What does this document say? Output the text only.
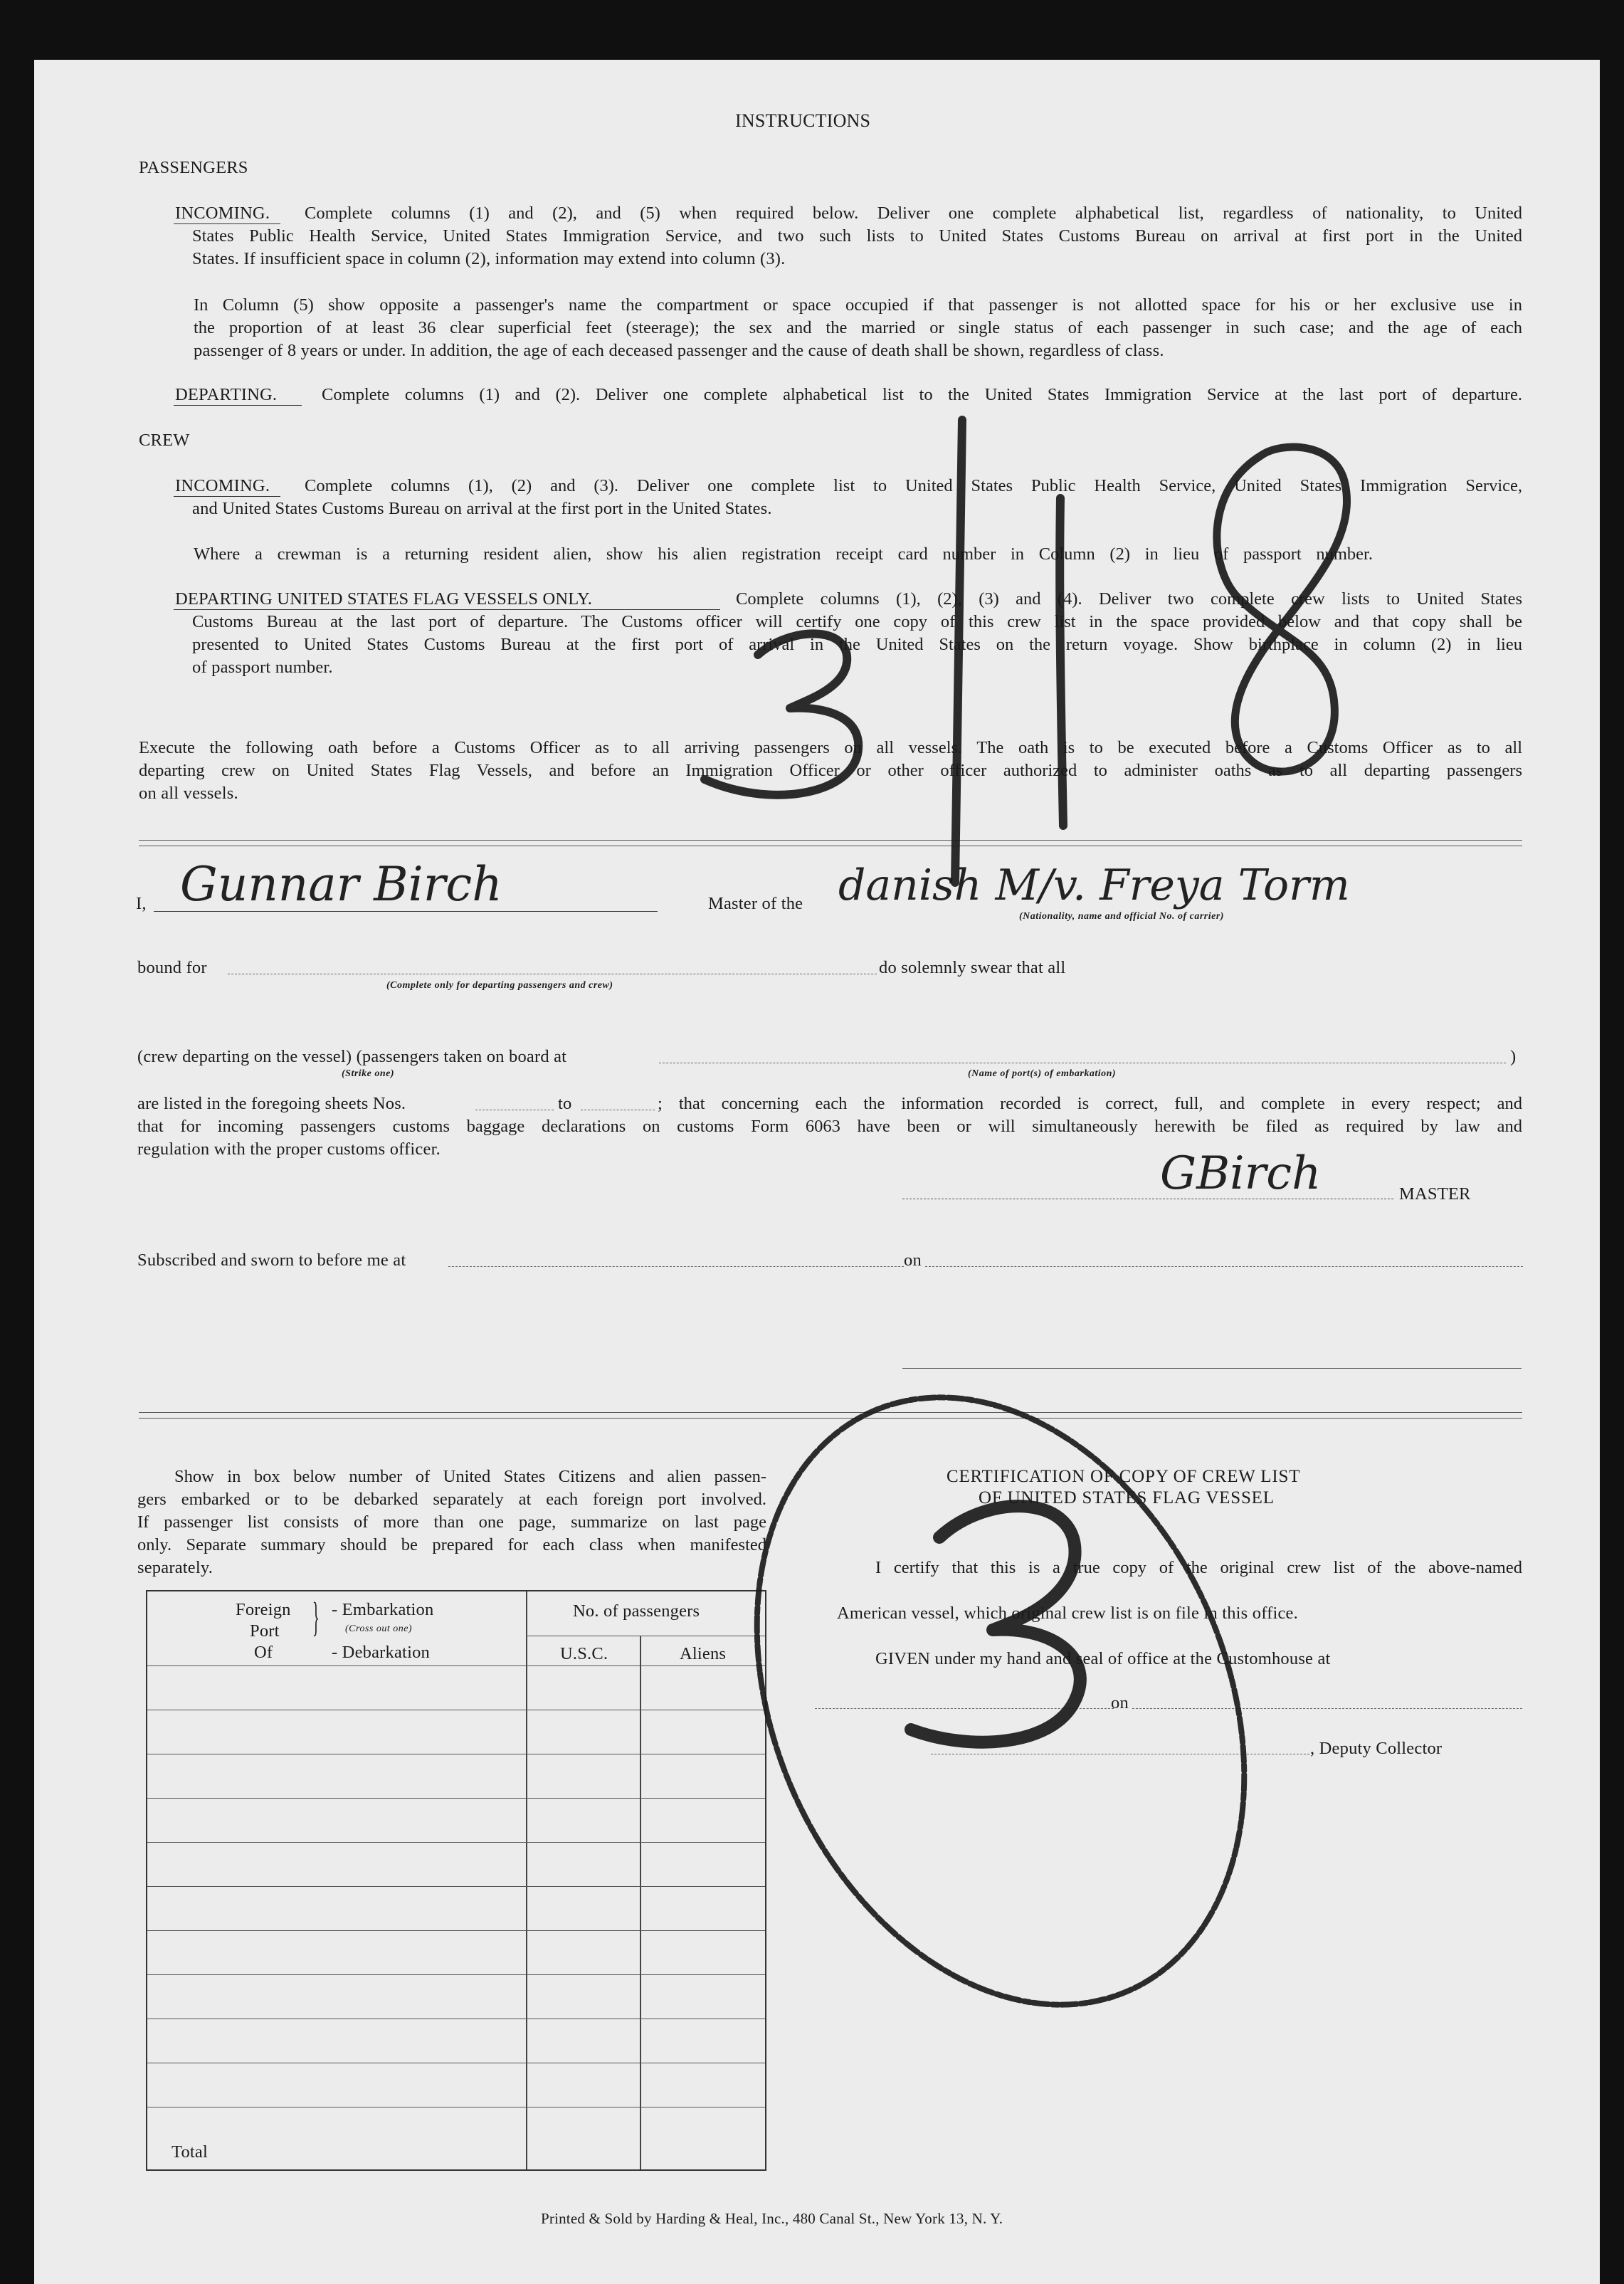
INSTRUCTIONS
PASSENGERS
INCOMING. Complete columns (1) and (2), and (5) when required below. Deliver one complete alphabetical list, regardless of nationality, to United
States Public Health Service, United States Immigration Service, and two such lists to United States Customs Bureau on arrival at first port in the United
States. If insufficient space in column (2), information may extend into column (3).
In Column (5) show opposite a passenger's name the compartment or space occupied if that passenger is not allotted space for his or her exclusive use in
the proportion of at least 36 clear superficial feet (steerage); the sex and the married or single status of each passenger in such case; and the age of each
passenger of 8 years or under. In addition, the age of each deceased passenger and the cause of death shall be shown, regardless of class.
DEPARTING.	Complete columns (1) and (2). Deliver one complete alphabetical list to the United States Immigration Service at the last port of departure.
CREW
INCOMING. Complete columns (1), (2) and (3). Deliver one complete list to United States Public Health Service, United States Immigration Service,
and United States Customs Bureau on arrival at the first port in the United States.
Where a crewman is a returning resident alien, show his alien registration receipt card number in Column (2) in lieu of passport number.
DEPARTING UNITED STATES FLAG VESSELS ONLY.	Complete columns (1), (2), (3) and (4). Deliver two complete crew lists to United States
Customs Bureau at the last port of departure. The Customs officer will certify one copy of this crew list in the space provided below and that copy shall be
presented to United States Customs Bureau at the first port of arrival in the United States on the return voyage. Show birthplace in column (2) in lieu
of passport number.
Execute the following oath before a Customs Officer as to all arriving passengers on all vessels. The oath is to be executed before a Customs Officer as to all
departing crew on United States Flag Vessels, and before an Immigration Officer or other officer authorized to administer oaths as to all departing passengers
on all vessels.
I, Gunnar Birch	Master of the danish M/v. Freya Torm
(Nationality, name and official No. of carrier)
bound for
(Complete only for departing passengers and crew)
do solemnly swear that all
(crew departing on the vessel) (passengers taken on board at	)
(Strike one)	(Name of port(s) of embarkation)
are listed in the foregoing sheets Nos.	to	; that concerning each the information recorded is correct, full, and complete in every respect; and
that for incoming passengers customs baggage declarations on customs Form 6063 have been or will simultaneously herewith be filed as required by law and
regulation with the proper customs officer.	GBirch	MASTER
Subscribed and sworn to before me at	on
Show in box below number of United States Citizens and alien passen-
gers embarked or to be debarked separately at each foreign port involved.
If passenger list consists of more than one page, summarize on last page
only. Separate summary should be prepared for each class when manifested
separately.
Foreign
Port
Of
} - Embarkation
(Cross out one)
- Debarkation
No. of passengers
U.S.C.	Aliens
Total
CERTIFICATION OF COPY OF CREW LIST
OF UNITED STATES FLAG VESSEL
I certify that this is a true copy of the original crew list of the above-named
American vessel, which original crew list is on file in this office.
GIVEN under my hand and seal of office at the Customhouse at
on
, Deputy Collector
Printed & Sold by Harding & Heal, Inc., 480 Canal St., New York 13, N. Y.
